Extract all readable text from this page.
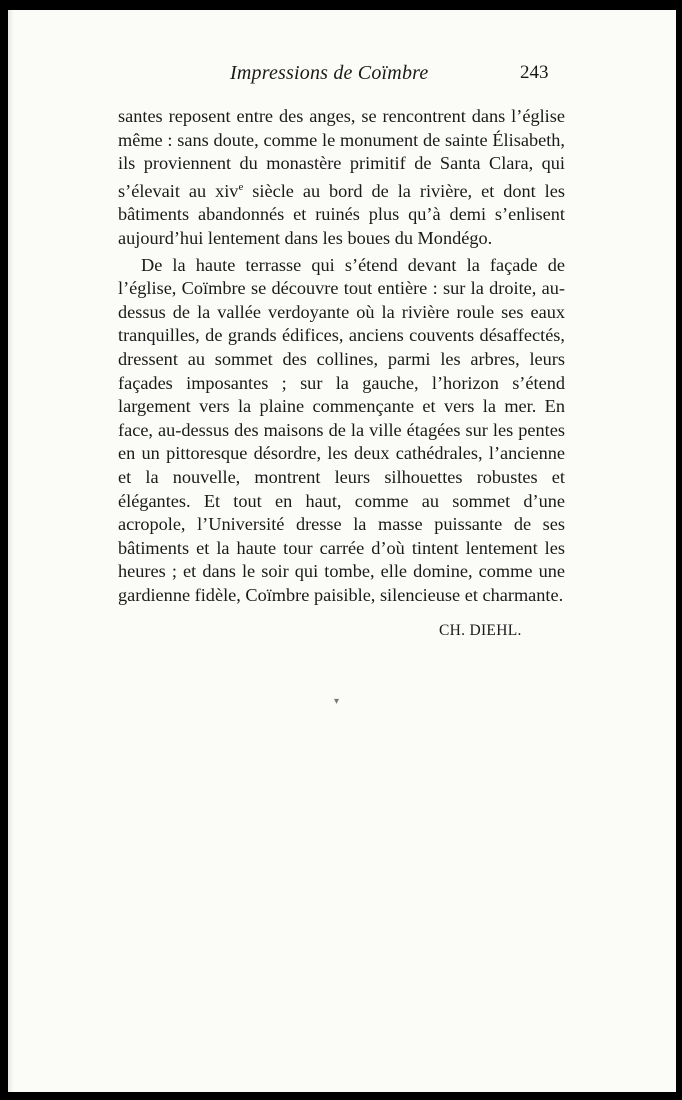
Impressions de Coïmbre	243

santes reposent entre des anges, se rencontrent dans l’église même : sans doute, comme le monument de sainte Élisabeth, ils proviennent du monastère primitif de Santa Clara, qui s’élevait au xiv$^e$ siècle au bord de la rivière, et dont les bâtiments abandonnés et ruinés plus qu’à demi s’enlisent aujourd’hui lentement dans les boues du Mondégo.

De la haute terrasse qui s’étend devant la façade de l’église, Coïmbre se découvre tout entière : sur la droite, au-dessus de la vallée verdoyante où la rivière roule ses eaux tranquilles, de grands édifices, anciens couvents désaffectés, dressent au sommet des collines, parmi les arbres, leurs façades imposantes ; sur la gauche, l’horizon s’étend largement vers la plaine commençante et vers la mer. En face, au-dessus des maisons de la ville étagées sur les pentes en un pittoresque désordre, les deux cathédrales, l’ancienne et la nouvelle, montrent leurs silhouettes robustes et élégantes. Et tout en haut, comme au sommet d’une acropole, l’Université dresse la masse puissante de ses bâtiments et la haute tour carrée d’où tintent lentement les heures ; et dans le soir qui tombe, elle domine, comme une gardienne fidèle, Coïmbre paisible, silencieuse et charmante.

CH. DIEHL.
▾
